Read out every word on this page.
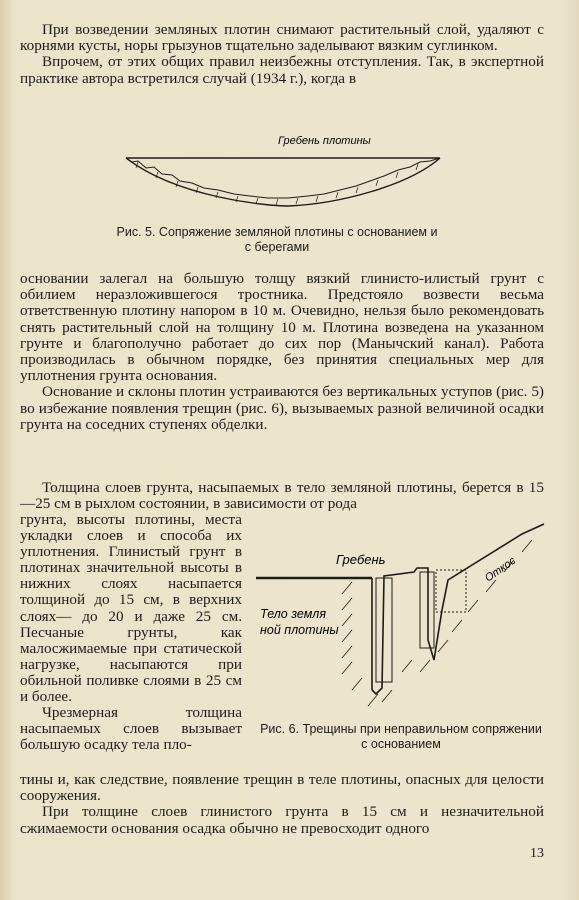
При возведении земляных плотин снимают растительный слой, удаляют с корнями кусты, норы грызунов тщательно заделывают вязким суглинком.

Впрочем, от этих общих правил неизбежны отступления. Так, в экспертной практике автора встретился случай (1934 г.), когда в

Гребень плотины
Рис. 5. Сопряжение земляной плотины с основанием и с берегами

основании залегал на большую толщу вязкий глинисто-илистый грунт с обилием неразложившегося тростника. Предстояло возвести весьма ответственную плотину напором в 10 м. Очевидно, нельзя было рекомендовать снять растительный слой на толщину 10 м. Плотина возведена на указанном грунте и благополучно работает до сих пор (Манычский канал). Работа производилась в обычном порядке, без принятия специальных мер для уплотнения грунта основания.

Основание и склоны плотин устраиваются без вертикальных уступов (рис. 5) во избежание появления трещин (рис. 6), вызываемых разной величиной осадки грунта на соседних ступенях обделки.

Толщина слоев грунта, насыпаемых в тело земляной плотины, берется в 15—25 см в рыхлом состоянии, в зависимости от рода

грунта, высоты плотины, места укладки слоев и способа их уплотнения. Глинистый грунт в плотинах значительной высоты в нижних слоях насыпается толщиной до 15 см, в верхних слоях— до 20 и даже 25 см. Песчаные грунты, как малосжимаемые при статической нагрузке, насыпаются при обильной поливке слоями в 25 см и более.

Чрезмерная толщина насыпаемых слоев вызывает большую осадку тела пло-

Гребень	Откос
Тело земля
ной плотины
Рис. 6. Трещины при неправильном сопряжении с основанием

тины и, как следствие, появление трещин в теле плотины, опасных для целости сооружения.

При толщине слоев глинистого грунта в 15 см и незначительной сжимаемости основания осадка обычно не превосходит одного

13
